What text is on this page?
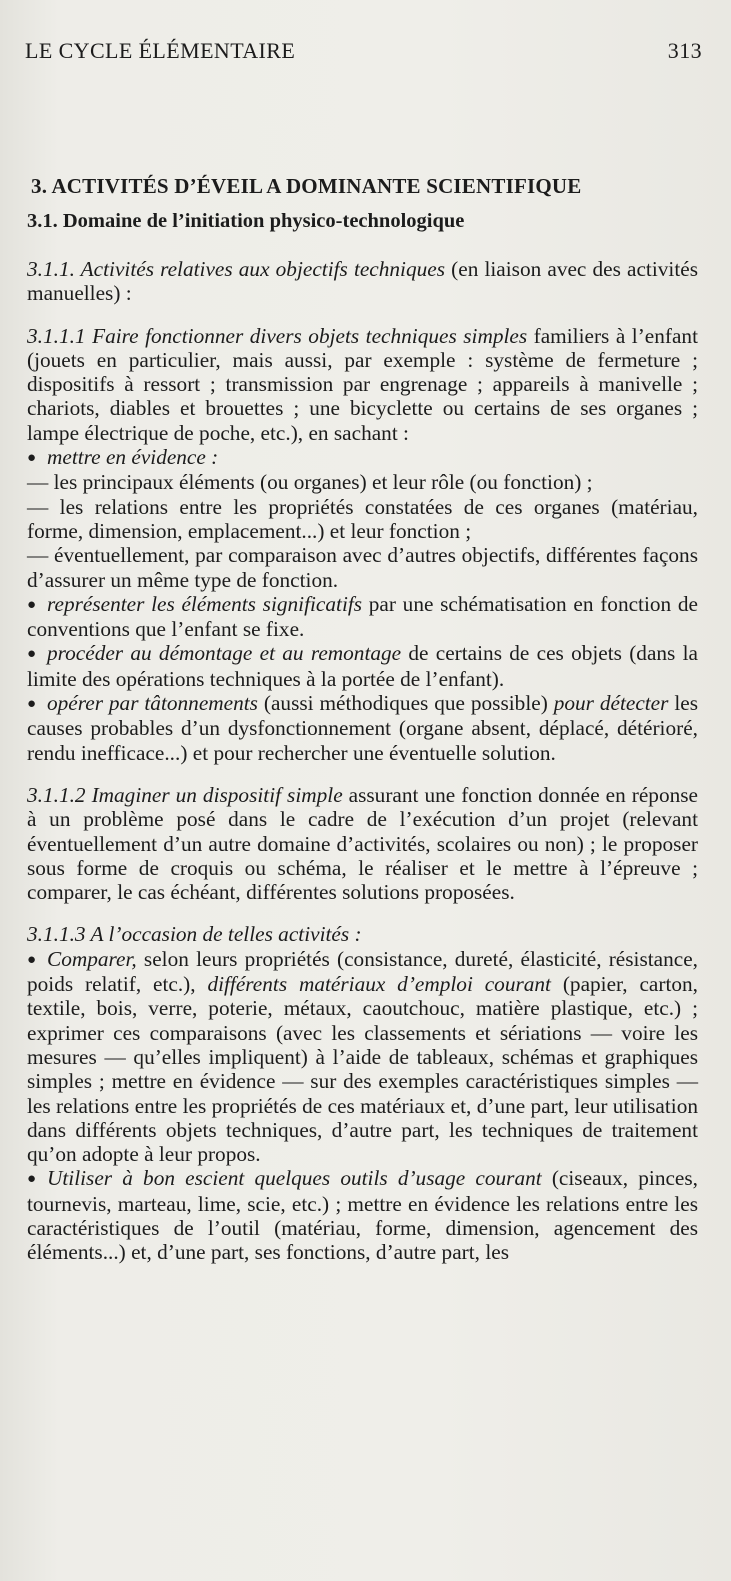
LE CYCLE ÉLÉMENTAIRE	313
3. ACTIVITÉS D’ÉVEIL A DOMINANTE SCIENTIFIQUE
3.1. Domaine de l’initiation physico-technologique

3.1.1. Activités relatives aux objectifs techniques (en liaison avec des activités manuelles) :

3.1.1.1 Faire fonctionner divers objets techniques simples familiers à l’enfant (jouets en particulier, mais aussi, par exemple : système de fermeture ; dispositifs à ressort ; transmission par engrenage ; appareils à manivelle ; chariots, diables et brouettes ; une bicyclette ou certains de ses organes ; lampe électrique de poche, etc.), en sachant :

● mettre en évidence :

— les principaux éléments (ou organes) et leur rôle (ou fonction) ;

— les relations entre les propriétés constatées de ces organes (matériau, forme, dimension, emplacement...) et leur fonction ;

— éventuellement, par comparaison avec d’autres objectifs, différentes façons d’assurer un même type de fonction.

● représenter les éléments significatifs par une schématisation en fonction de conventions que l’enfant se fixe.

● procéder au démontage et au remontage de certains de ces objets (dans la limite des opérations techniques à la portée de l’enfant).

● opérer par tâtonnements (aussi méthodiques que possible) pour détecter les causes probables d’un dysfonctionnement (organe absent, déplacé, détérioré, rendu inefficace...) et pour rechercher une éventuelle solution.

3.1.1.2 Imaginer un dispositif simple assurant une fonction donnée en réponse à un problème posé dans le cadre de l’exécution d’un projet (relevant éventuellement d’un autre domaine d’activités, scolaires ou non) ; le proposer sous forme de croquis ou schéma, le réaliser et le mettre à l’épreuve ; comparer, le cas échéant, différentes solutions proposées.

3.1.1.3 A l’occasion de telles activités :

● Comparer, selon leurs propriétés (consistance, dureté, élasticité, résistance, poids relatif, etc.), différents matériaux d’emploi courant (papier, carton, textile, bois, verre, poterie, métaux, caoutchouc, matière plastique, etc.) ; exprimer ces comparaisons (avec les classements et sériations — voire les mesures — qu’elles impliquent) à l’aide de tableaux, schémas et graphiques simples ; mettre en évidence — sur des exemples caractéristiques simples — les relations entre les propriétés de ces matériaux et, d’une part, leur utilisation dans différents objets techniques, d’autre part, les techniques de traitement qu’on adopte à leur propos.

● Utiliser à bon escient quelques outils d’usage courant (ciseaux, pinces, tournevis, marteau, lime, scie, etc.) ; mettre en évidence les relations entre les caractéristiques de l’outil (matériau, forme, dimension, agencement des éléments...) et, d’une part, ses fonctions, d’autre part, les
